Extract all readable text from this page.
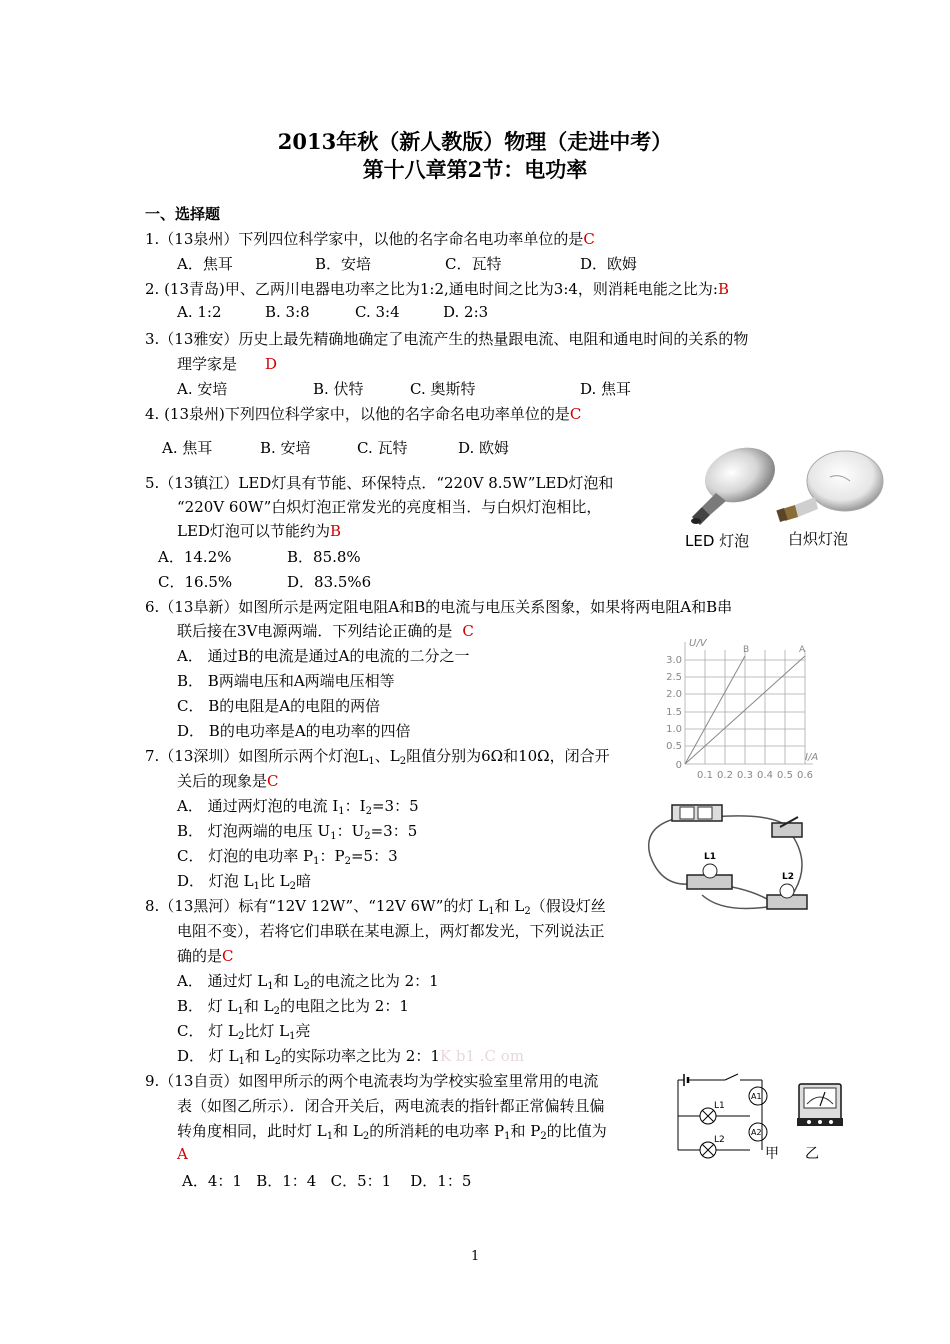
2013年秋（新人教版）物理（走进中考）
第十八章第2节：电功率
一、选择题
1.（13泉州）下列四位科学家中，以他的名字命名电功率单位的是C
A．焦耳	B．安培	C．瓦特	D．欧姆
2. (13青岛)甲、乙两川电器电功率之比为1:2,通电时间之比为3:4，则消耗电能之比为:B
A. 1:2	B. 3:8	C. 3:4	D. 2:3
3.（13雅安）历史上最先精确地确定了电流产生的热量跟电流、电阻和通电时间的关系的物
理学家是 D
A. 安培	B. 伏特	C. 奥斯特	D. 焦耳
4. (13泉州)下列四位科学家中，以他的名字命名电功率单位的是C
A. 焦耳	B. 安培	C. 瓦特	D. 欧姆
5.（13镇江）LED灯具有节能、环保特点．“220V 8.5W”LED灯泡和
“220V 60W”白炽灯泡正常发光的亮度相当．与白炽灯泡相比，
LED灯泡可以节能约为B
A．14.2%	B．85.8%
C．16.5%	D．83.5%6
LED 灯泡	白炽灯泡
6.（13阜新）如图所示是两定阻电阻A和B的电流与电压关系图象，如果将两电阻A和B串
联后接在3V电源两端．下列结论正确的是 C
A． 通过B的电流是通过A的电流的二分之一
B． B两端电压和A两端电压相等
C． B的电阻是A的电阻的两倍
D． B的电功率是A的电功率的四倍
U/V
I/A
B	A
3.0
2.5
2.0
1.5
1.0
0.5
0
0.1 0.2 0.3 0.4 0.5 0.6
7.（13深圳）如图所示两个灯泡$L_1$、$L_2$阻值分别为6Ω和10Ω，闭合开
关后的现象是C
A． 通过两灯泡的电流 $I_1$：$I_2=3$：5
B． 灯泡两端的电压 $U_1$：$U_2=3$：5
C． 灯泡的电功率 $P_1$：$P_2=5$：3
D． 灯泡 $L_1$比 $L_2$暗
L1
L2
8.（13黑河）标有“12V 12W”、“12V 6W”的灯 $L_1$和 $L_2$（假设灯丝
电阻不变），若将它们串联在某电源上，两灯都发光，下列说法正
确的是C
A． 通过灯 $L_1$和 $L_2$的电流之比为 2：1
B． 灯 $L_1$和 $L_2$的电阻之比为 2：1
C． 灯 $L_2$比灯 $L_1$亮
D． 灯 $L_1$和 $L_2$的实际功率之比为 2：1K b1 .C om
9.（13自贡）如图甲所示的两个电流表均为学校实验室里常用的电流
表（如图乙所示）．闭合开关后，两电流表的指针都正常偏转且偏
转角度相同，此时灯 $L_1$和 $L_2$的所消耗的电功率 $P_1$和 $P_2$的比值为
A
A．4：1   B．1：4   C．5：1    D．1：5
L1
L2
A1
A2
甲 乙
1
